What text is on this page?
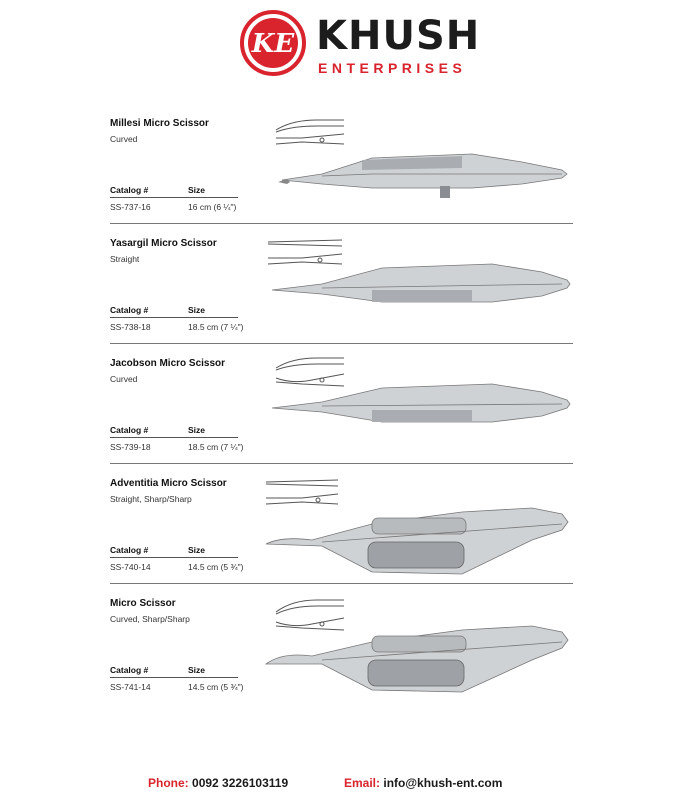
KE KHUSH
ENTERPRISES
Millesi Micro Scissor
Curved
Catalog #	Size
SS-737-16	16 cm (6 ¼")
Yasargil Micro Scissor
Straight
Catalog #	Size
SS-738-18	18.5 cm (7 ¼")
Jacobson Micro Scissor
Curved
Catalog #	Size
SS-739-18	18.5 cm (7 ¼")
Adventitia Micro Scissor
Straight, Sharp/Sharp
Catalog #	Size
SS-740-14	14.5 cm (5 ¾")
Micro Scissor
Curved, Sharp/Sharp
Catalog #	Size
SS-741-14	14.5 cm (5 ¾")
Phone: 0092 3226103119	Email: info@khush-ent.com
